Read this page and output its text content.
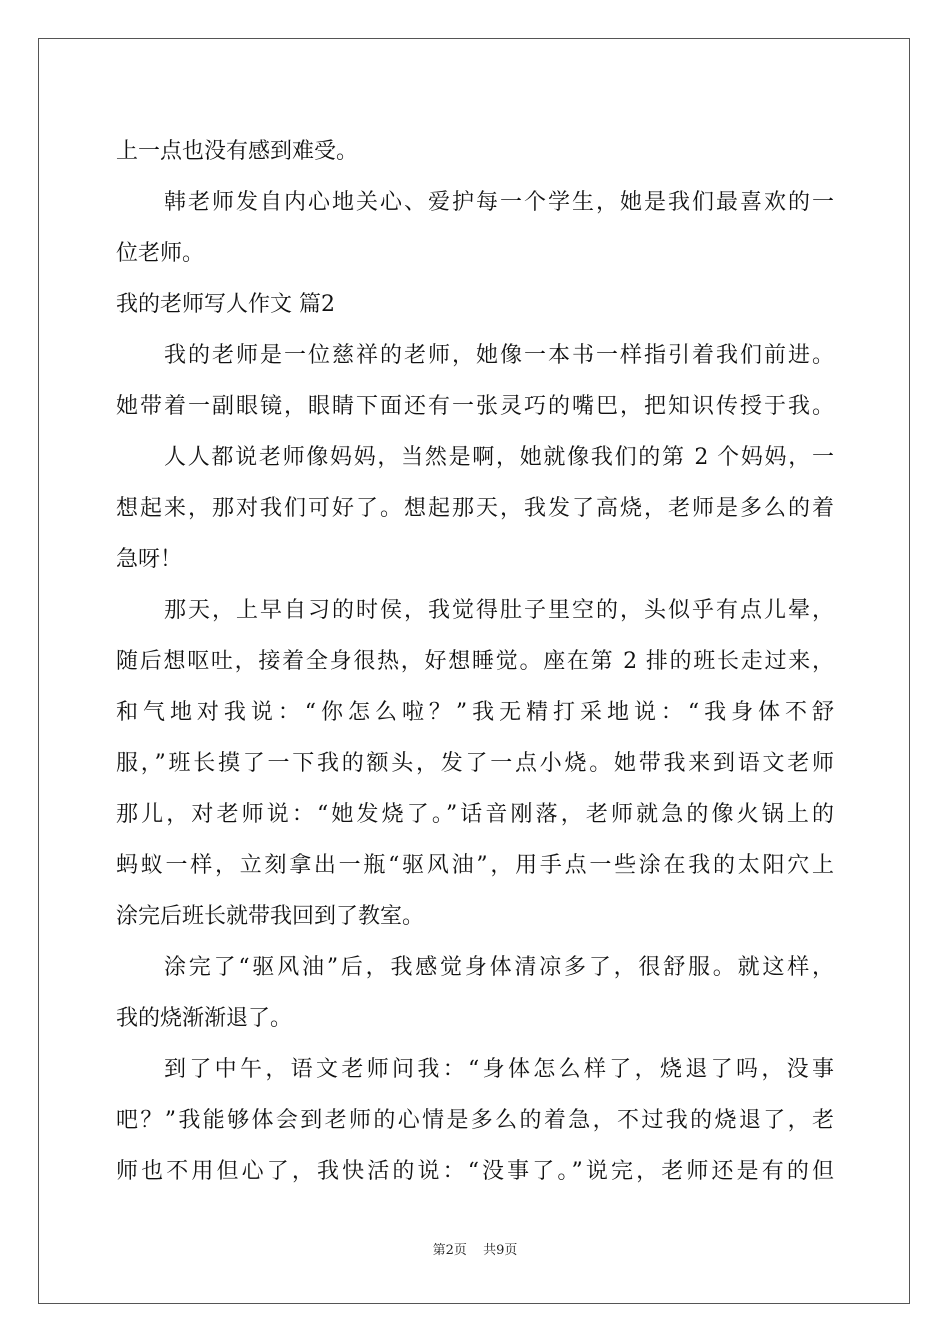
上一点也没有感到难受。
韩老师发自内心地关心、爱护每一个学生，她是我们最喜欢的一
位老师。
我的老师写人作文 篇2
我的老师是一位慈祥的老师，她像一本书一样指引着我们前进。
她带着一副眼镜，眼睛下面还有一张灵巧的嘴巴，把知识传授于我。
人人都说老师像妈妈，当然是啊，她就像我们的第 2 个妈妈，一
想起来，那对我们可好了。想起那天，我发了高烧，老师是多么的着
急呀！
那天，上早自习的时侯，我觉得肚子里空的，头似乎有点儿晕，
随后想呕吐，接着全身很热，好想睡觉。座在第 2 排的班长走过来，
和气地对我说：“你怎么啦？”我无精打采地说：“我身体不舒
服，”班长摸了一下我的额头，发了一点小烧。她带我来到语文老师
那儿，对老师说：“她发烧了。”话音刚落，老师就急的像火锅上的
蚂蚁一样，立刻拿出一瓶“驱风油”，用手点一些涂在我的太阳穴上
涂完后班长就带我回到了教室。
涂完了“驱风油”后，我感觉身体清凉多了，很舒服。就这样，
我的烧渐渐退了。
到了中午，语文老师问我：“身体怎么样了，烧退了吗，没事
吧？”我能够体会到老师的心情是多么的着急，不过我的烧退了，老
师也不用但心了，我快活的说：“没事了。”说完，老师还是有的但
第2页 共9页
